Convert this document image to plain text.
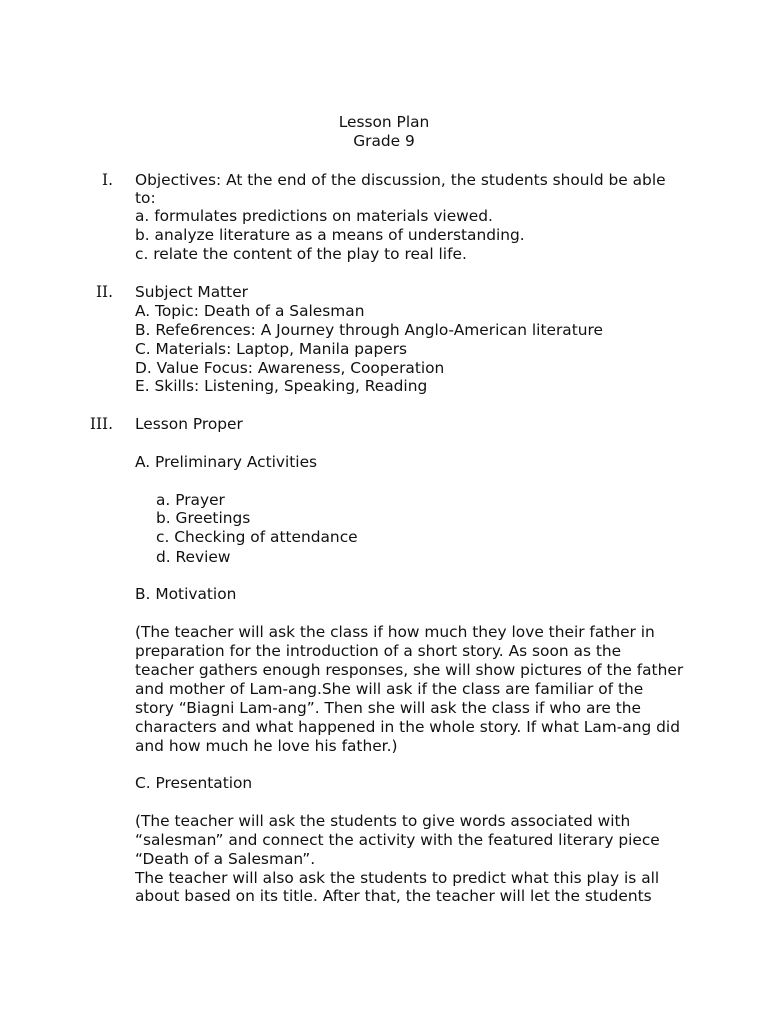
Lesson Plan
Grade 9
I. Objectives: At the end of the discussion, the students should be able
to:
a. formulates predictions on materials viewed.
b. analyze literature as a means of understanding.
c. relate the content of the play to real life.
II. Subject Matter
A. Topic: Death of a Salesman
B. Refe6rences: A Journey through Anglo-American literature
C. Materials: Laptop, Manila papers
D. Value Focus: Awareness, Cooperation
E. Skills: Listening, Speaking, Reading
III. Lesson Proper
A. Preliminary Activities
a. Prayer
b. Greetings
c. Checking of attendance
d. Review
B. Motivation
(The teacher will ask the class if how much they love their father in
preparation for the introduction of a short story. As soon as the
teacher gathers enough responses, she will show pictures of the father
and mother of Lam-ang.She will ask if the class are familiar of the
story “Biagni Lam-ang”. Then she will ask the class if who are the
characters and what happened in the whole story. If what Lam-ang did
and how much he love his father.)
C. Presentation
(The teacher will ask the students to give words associated with
“salesman” and connect the activity with the featured literary piece
“Death of a Salesman”.
The teacher will also ask the students to predict what this play is all
about based on its title. After that, the teacher will let the students
